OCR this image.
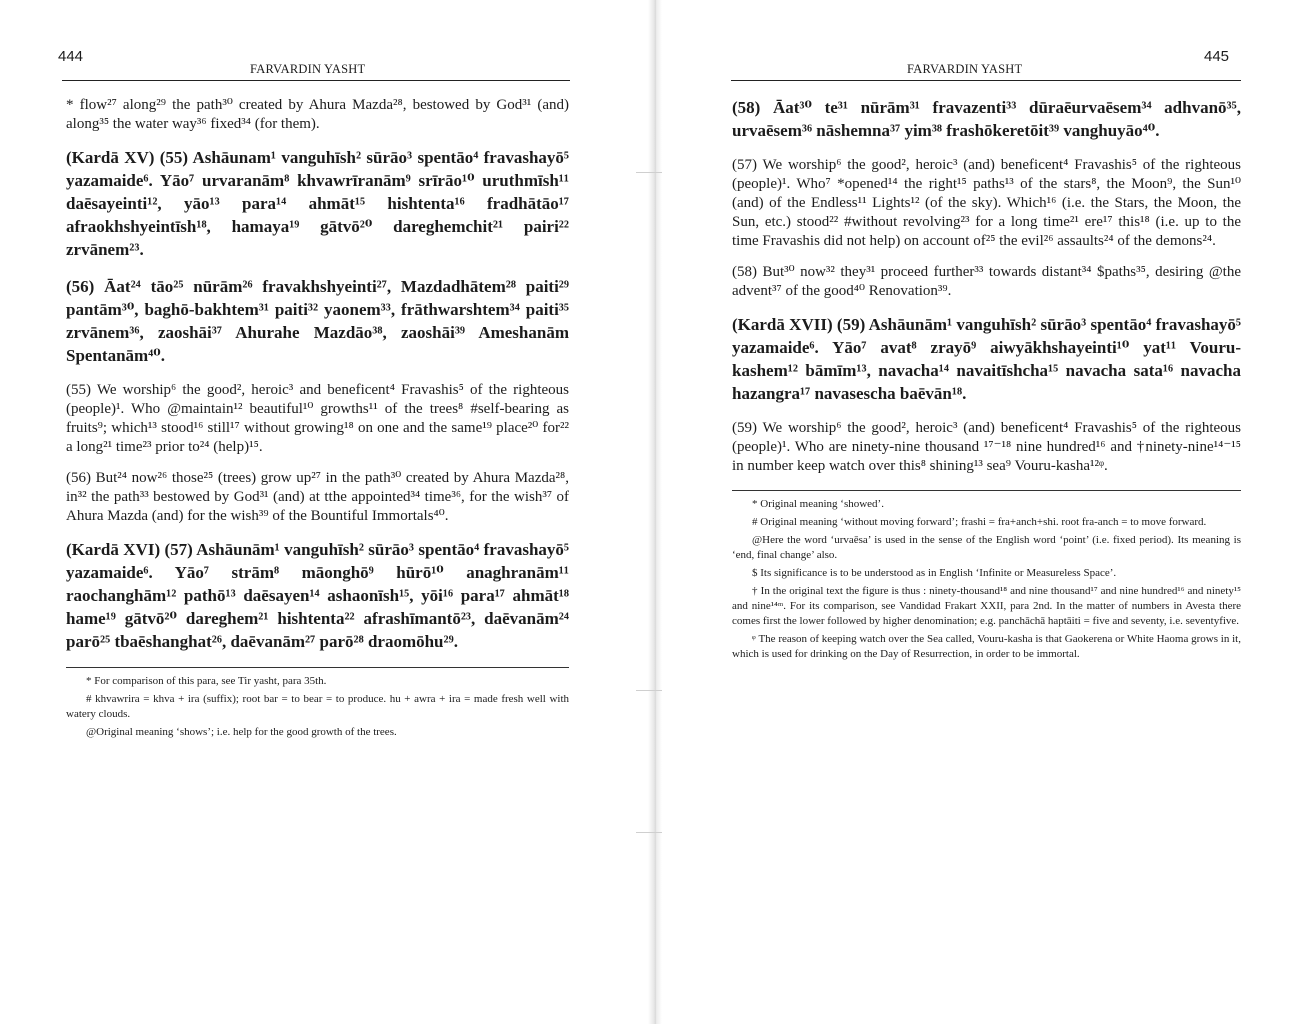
444
FARVARDIN YASHT

* flow²⁷ along²⁹ the path³⁰ created by Ahura Mazda²⁸, bestowed by God³¹ (and) along³⁵ the water way³⁶ fixed³⁴ (for them).

(Kardā XV) (55) Ashāunam¹ vanguhīsh² sūrāo³ spentāo⁴ fravashayō⁵ yazamaide⁶. Yāo⁷ urvaranām⁸ khvawrīranām⁹ srīrāo¹⁰ uruthmīsh¹¹ daēsayeinti¹², yāo¹³ para¹⁴ ahmāt¹⁵ hishtenta¹⁶ fradhātāo¹⁷ afraokhshyeintīsh¹⁸, hamaya¹⁹ gātvō²⁰ dareghemchit²¹ pairi²² zrvānem²³.

(56) Āat²⁴ tāo²⁵ nūrām²⁶ fravakhshyeinti²⁷, Mazdadhātem²⁸ paiti²⁹ pantām³⁰, baghō-bakhtem³¹ paiti³² yaonem³³, frāthwarshtem³⁴ paiti³⁵ zrvānem³⁶, zaoshāi³⁷ Ahurahe Mazdāo³⁸, zaoshāi³⁹ Ameshanām Spentanām⁴⁰.

(55) We worship⁶ the good², heroic³ and beneficent⁴ Fravashis⁵ of the righteous (people)¹. Who @maintain¹² beautiful¹⁰ growths¹¹ of the trees⁸ #self-bearing as fruits⁹; which¹³ stood¹⁶ still¹⁷ without growing¹⁸ on one and the same¹⁹ place²⁰ for²² a long²¹ time²³ prior to²⁴ (help)¹⁵.

(56) But²⁴ now²⁶ those²⁵ (trees) grow up²⁷ in the path³⁰ created by Ahura Mazda²⁸, in³² the path³³ bestowed by God³¹ (and) at tthe appointed³⁴ time³⁶, for the wish³⁷ of Ahura Mazda (and) for the wish³⁹ of the Bountiful Immortals⁴⁰.

(Kardā XVI) (57) Ashāunām¹ vanguhīsh² sūrāo³ spentāo⁴ fravashayō⁵ yazamaide⁶. Yāo⁷ strām⁸ māonghō⁹ hūrō¹⁰ anaghranām¹¹ raochanghām¹² pathō¹³ daēsayen¹⁴ ashaonīsh¹⁵, yōi¹⁶ para¹⁷ ahmāt¹⁸ hame¹⁹ gātvō²⁰ dareghem²¹ hishtenta²² afrashīmantō²³, daēvanām²⁴ parō²⁵ tbaēshanghat²⁶, daēvanām²⁷ parō²⁸ draomōhu²⁹.

* For comparison of this para, see Tir yasht, para 35th.

# khvawrira = khva + ira (suffix); root bar = to bear = to produce. hu + awra + ira = made fresh well with watery clouds.

@Original meaning ‘shows’; i.e. help for the good growth of the trees.

445
FARVARDIN YASHT

(58) Āat³⁰ te³¹ nūrām³¹ fravazenti³³ dūraēurvaēsem³⁴ adhvanō³⁵, urvaēsem³⁶ nāshemna³⁷ yim³⁸ frashōkeretōit³⁹ vanghuyāo⁴⁰.

(57) We worship⁶ the good², heroic³ (and) beneficent⁴ Fravashis⁵ of the righteous (people)¹. Who⁷ *opened¹⁴ the right¹⁵ paths¹³ of the stars⁸, the Moon⁹, the Sun¹⁰ (and) of the Endless¹¹ Lights¹² (of the sky). Which¹⁶ (i.e. the Stars, the Moon, the Sun, etc.) stood²² #without revolving²³ for a long time²¹ ere¹⁷ this¹⁸ (i.e. up to the time Fravashis did not help) on account of²⁵ the evil²⁶ assaults²⁴ of the demons²⁴.

(58) But³⁰ now³² they³¹ proceed further³³ towards distant³⁴ $paths³⁵, desiring @the advent³⁷ of the good⁴⁰ Renovation³⁹.

(Kardā XVII) (59) Ashāunām¹ vanguhīsh² sūrāo³ spentāo⁴ fravashayō⁵ yazamaide⁶. Yāo⁷ avat⁸ zrayō⁹ aiwyākhshayeinti¹⁰ yat¹¹ Vouru-kashem¹² bāmīm¹³, navacha¹⁴ navaitīshcha¹⁵ navacha sata¹⁶ navacha hazangra¹⁷ navasescha baēvān¹⁸.

(59) We worship⁶ the good², heroic³ (and) beneficent⁴ Fravashis⁵ of the righteous (people)¹. Who are ninety-nine thousand ¹⁷⁻¹⁸ nine hundred¹⁶ and †ninety-nine¹⁴⁻¹⁵ in number keep watch over this⁸ shining¹³ sea⁹ Vouru-kasha¹²ᵠ.

* Original meaning ‘showed’.

# Original meaning ‘without moving forward’; frashi = fra+anch+shi. root fra-anch = to move forward.

@Here the word ‘urvaēsa’ is used in the sense of the English word ‘point’ (i.e. fixed period). Its meaning is ‘end, final change’ also.

$ Its significance is to be understood as in English ‘Infinite or Measureless Space’.

† In the original text the figure is thus : ninety-thousand¹⁸ and nine thousand¹⁷ and nine hundred¹⁶ and ninety¹⁵ and nine¹⁴ᵐ. For its comparison, see Vandidad Frakart XXII, para 2nd. In the matter of numbers in Avesta there comes first the lower followed by higher denomination; e.g. panchāchā haptāiti = five and seventy, i.e. seventyfive.

ᵠ The reason of keeping watch over the Sea called, Vouru-kasha is that Gaokerena or White Haoma grows in it, which is used for drinking on the Day of Resurrection, in order to be immortal.
